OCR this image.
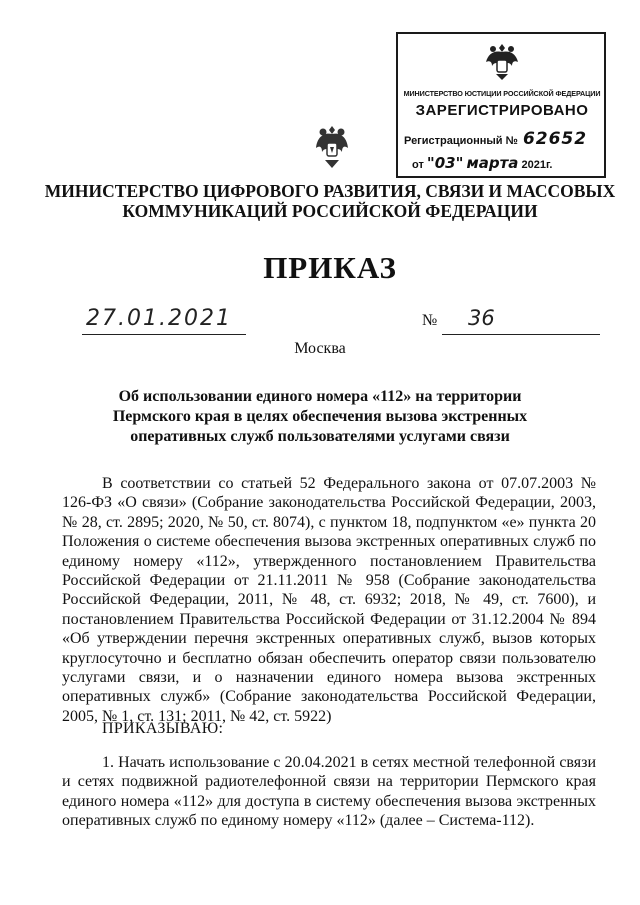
МИНИСТЕРСТВО ЮСТИЦИИ РОССИЙСКОЙ ФЕДЕРАЦИИ
ЗАРЕГИСТРИРОВАНО
Регистрационный № 62652
от "03" марта 2021г.
МИНИСТЕРСТВО ЦИФРОВОГО РАЗВИТИЯ, СВЯЗИ И МАССОВЫХ КОММУНИКАЦИЙ РОССИЙСКОЙ ФЕДЕРАЦИИ
ПРИКАЗ
27.01.2021	№ 36
Москва
Об использовании единого номера «112» на территории Пермского края в целях обеспечения вызова экстренных оперативных служб пользователями услугами связи
В соответствии со статьей 52 Федерального закона от 07.07.2003 № 126-ФЗ «О связи» (Собрание законодательства Российской Федерации, 2003, № 28, ст. 2895; 2020, № 50, ст. 8074), с пунктом 18, подпунктом «е» пункта 20 Положения о системе обеспечения вызова экстренных оперативных служб по единому номеру «112», утвержденного постановлением Правительства Российской Федерации от 21.11.2011 № 958 (Собрание законодательства Российской Федерации, 2011, № 48, ст. 6932; 2018, № 49, ст. 7600), и постановлением Правительства Российской Федерации от 31.12.2004 № 894 «Об утверждении перечня экстренных оперативных служб, вызов которых круглосуточно и бесплатно обязан обеспечить оператор связи пользователю услугами связи, и о назначении единого номера вызова экстренных оперативных служб» (Собрание законодательства Российской Федерации, 2005, № 1, ст. 131; 2011, № 42, ст. 5922)
ПРИКАЗЫВАЮ:
1. Начать использование с 20.04.2021 в сетях местной телефонной связи и сетях подвижной радиотелефонной связи на территории Пермского края единого номера «112» для доступа в систему обеспечения вызова экстренных оперативных служб по единому номеру «112» (далее – Система-112).
